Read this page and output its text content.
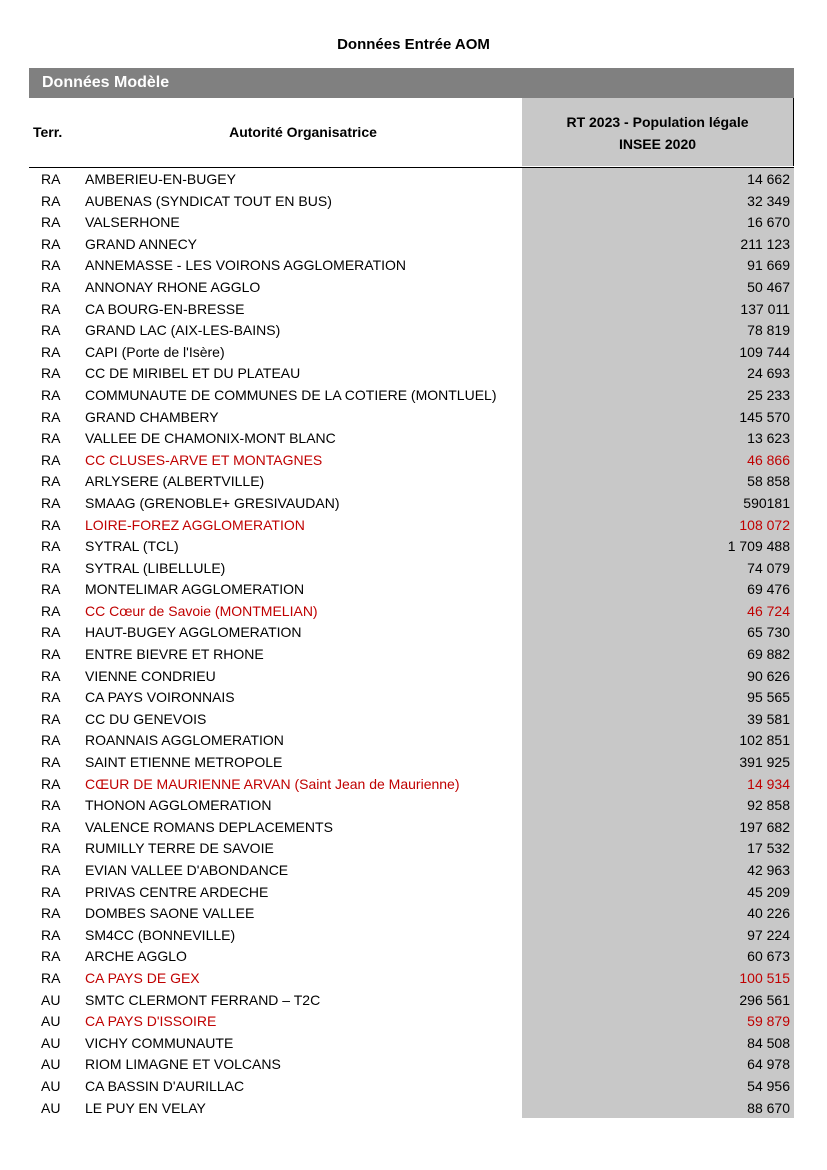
Données Entrée AOM
Données Modèle
Terr.	Autorité Organisatrice
RT 2023 - Population légale
INSEE 2020
RA AMBERIEU-EN-BUGEY	14 662
RA AUBENAS (SYNDICAT TOUT EN BUS)	32 349
RA VALSERHONE	16 670
RA GRAND ANNECY	211 123
RA ANNEMASSE - LES VOIRONS AGGLOMERATION	91 669
RA ANNONAY RHONE AGGLO	50 467
RA CA BOURG-EN-BRESSE	137 011
RA GRAND LAC (AIX-LES-BAINS)	78 819
RA CAPI (Porte de l'Isère)	109 744
RA CC DE MIRIBEL ET DU PLATEAU	24 693
RA COMMUNAUTE DE COMMUNES DE LA COTIERE (MONTLUEL)	25 233
RA GRAND CHAMBERY	145 570
RA VALLEE DE CHAMONIX-MONT BLANC	13 623
RA CC CLUSES-ARVE ET MONTAGNES	46 866
RA ARLYSERE (ALBERTVILLE)	58 858
RA SMAAG (GRENOBLE+ GRESIVAUDAN)	590181
RA LOIRE-FOREZ AGGLOMERATION	108 072
RA SYTRAL (TCL)	1 709 488
RA SYTRAL (LIBELLULE)	74 079
RA MONTELIMAR AGGLOMERATION	69 476
RA CC Cœur de Savoie (MONTMELIAN)	46 724
RA HAUT-BUGEY AGGLOMERATION	65 730
RA ENTRE BIEVRE ET RHONE	69 882
RA VIENNE CONDRIEU	90 626
RA CA PAYS VOIRONNAIS	95 565
RA CC DU GENEVOIS	39 581
RA ROANNAIS AGGLOMERATION	102 851
RA SAINT ETIENNE METROPOLE	391 925
RA CŒUR DE MAURIENNE ARVAN (Saint Jean de Maurienne)	14 934
RA THONON AGGLOMERATION	92 858
RA VALENCE ROMANS DEPLACEMENTS	197 682
RA RUMILLY TERRE DE SAVOIE	17 532
RA EVIAN VALLEE D'ABONDANCE	42 963
RA PRIVAS CENTRE ARDECHE	45 209
RA DOMBES SAONE VALLEE	40 226
RA SM4CC (BONNEVILLE)	97 224
RA ARCHE AGGLO	60 673
RA CA PAYS DE GEX	100 515
AU SMTC CLERMONT FERRAND – T2C	296 561
AU CA PAYS D'ISSOIRE	59 879
AU VICHY COMMUNAUTE	84 508
AU RIOM LIMAGNE ET VOLCANS	64 978
AU CA BASSIN D'AURILLAC	54 956
AU LE PUY EN VELAY	88 670
